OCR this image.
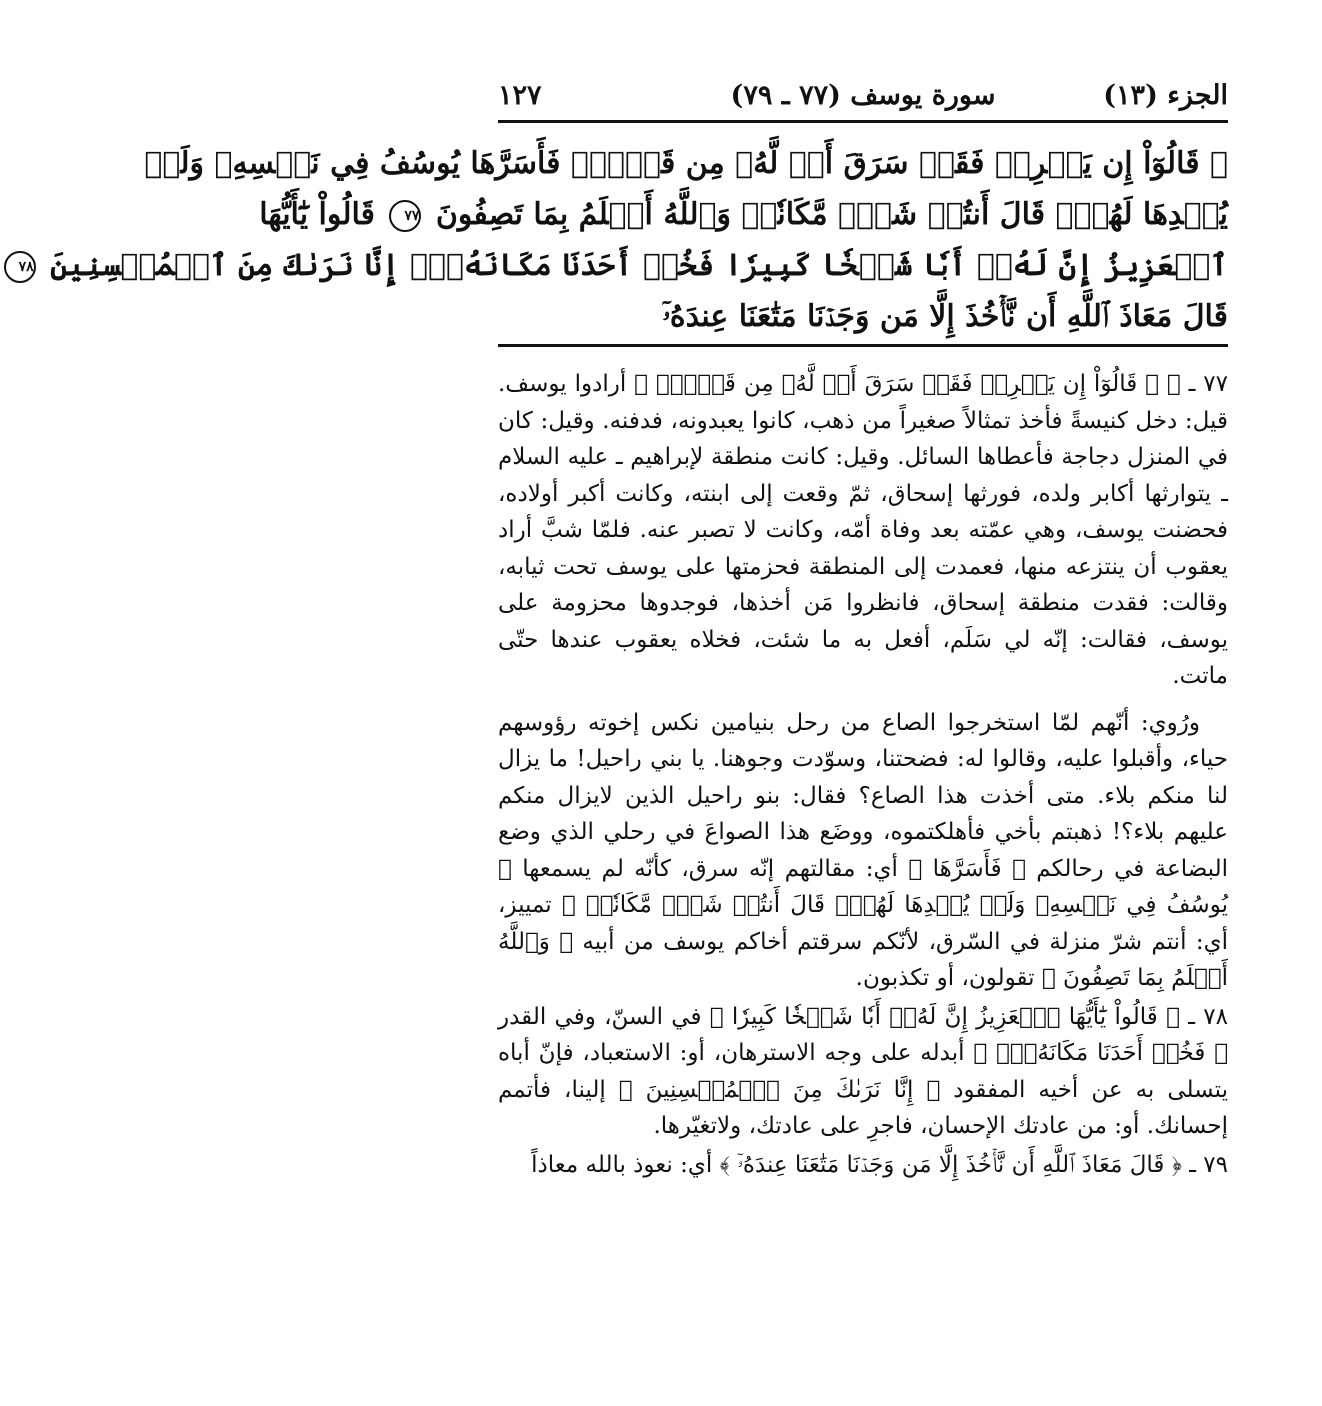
الجزء (١٣)
سورة يوسف (٧٧ ـ ٧٩)
١٢٧
۞ قَالُوٓاْ إِن يَسۡرِقۡ فَقَدۡ سَرَقَ أَخٞ لَّهُۥ مِن قَبۡلُۚ فَأَسَرَّهَا يُوسُفُ فِي نَفۡسِهِۦ وَلَمۡ
يُبۡدِهَا لَهُمۡۚ قَالَ أَنتُمۡ شَرّٞ مَّكَانٗاۖ وَٱللَّهُ أَعۡلَمُ بِمَا تَصِفُونَ ٧٧ قَالُواْ يَٰٓأَيُّهَا
ٱلۡعَزِيزُ إِنَّ لَهُۥٓ أَبٗا شَيۡخٗا كَبِيرٗا فَخُذۡ أَحَدَنَا مَكَانَهُۥٓۖ إِنَّا نَرَىٰكَ مِنَ ٱلۡمُحۡسِنِينَ ٧٨
قَالَ مَعَاذَ ٱللَّهِ أَن نَّأۡخُذَ إِلَّا مَن وَجَدۡنَا مَتَٰعَنَا عِندَهُۥٓ

٧٧ ـ ﴿ ۞ قَالُوٓاْ إِن يَسۡرِقۡ فَقَدۡ سَرَقَ أَخٞ لَّهُۥ مِن قَبۡلُۚ ﴾ أرادوا يوسف. قيل: دخل كنيسةً فأخذ تمثالاً صغيراً من ذهب، كانوا يعبدونه، فدفنه. وقيل: كان في المنزل دجاجة فأعطاها السائل. وقيل: كانت منطقة لإبراهيم ـ عليه السلام ـ يتوارثها أكابر ولده، فورثها إسحاق، ثمّ وقعت إلى ابنته، وكانت أكبر أولاده، فحضنت يوسف، وهي عمّته بعد وفاة أمّه، وكانت لا تصبر عنه. فلمّا شبَّ أراد يعقوب أن ينتزعه منها، فعمدت إلى المنطقة فحزمتها على يوسف تحت ثيابه، وقالت: فقدت منطقة إسحاق، فانظروا مَن أخذها، فوجدوها محزومة على يوسف، فقالت: إنّه لي سَلَم، أفعل به ما شئت، فخلاه يعقوب عندها حتّى ماتت.

ورُوي: أنّهم لمّا استخرجوا الصاع من رحل بنيامين نكس إخوته رؤوسهم حياء، وأقبلوا عليه، وقالوا له: فضحتنا، وسوّدت وجوهنا. يا بني راحيل! ما يزال لنا منكم بلاء. متى أخذت هذا الصاع؟ فقال: بنو راحيل الذين لايزال منكم عليهم بلاء؟! ذهبتم بأخي فأهلكتموه، ووضَع هذا الصواعَ في رحلي الذي وضع البضاعة في رحالكم ﴿ فَأَسَرَّهَا ﴾ أي: مقالتهم إنّه سرق، كأنّه لم يسمعها ﴿ يُوسُفُ فِي نَفۡسِهِۦ وَلَمۡ يُبۡدِهَا لَهُمۡۚ قَالَ أَنتُمۡ شَرّٞ مَّكَانٗاۖ ﴾ تمييز، أي: أنتم شرّ منزلة في السّرق، لأنّكم سرقتم أخاكم يوسف من أبيه ﴿ وَٱللَّهُ أَعۡلَمُ بِمَا تَصِفُونَ ﴾ تقولون، أو تكذبون.

٧٨ ـ ﴿ قَالُواْ يَٰٓأَيُّهَا ٱلۡعَزِيزُ إِنَّ لَهُۥٓ أَبٗا شَيۡخٗا كَبِيرٗا ﴾ في السنّ، وفي القدر ﴿ فَخُذۡ أَحَدَنَا مَكَانَهُۥٓۖ ﴾ أبدله على وجه الاسترهان، أو: الاستعباد، فإنّ أباه يتسلى به عن أخيه المفقود ﴿ إِنَّا نَرَىٰكَ مِنَ ٱلۡمُحۡسِنِينَ ﴾ إلينا، فأتمم إحسانك. أو: من عادتك الإحسان، فاجرِ على عادتك، ولاتغيّرها.

٧٩ ـ ﴿ قَالَ مَعَاذَ ٱللَّهِ أَن نَّأۡخُذَ إِلَّا مَن وَجَدۡنَا مَتَٰعَنَا عِندَهُۥٓ ﴾ أي: نعوذ بالله معاذاً
